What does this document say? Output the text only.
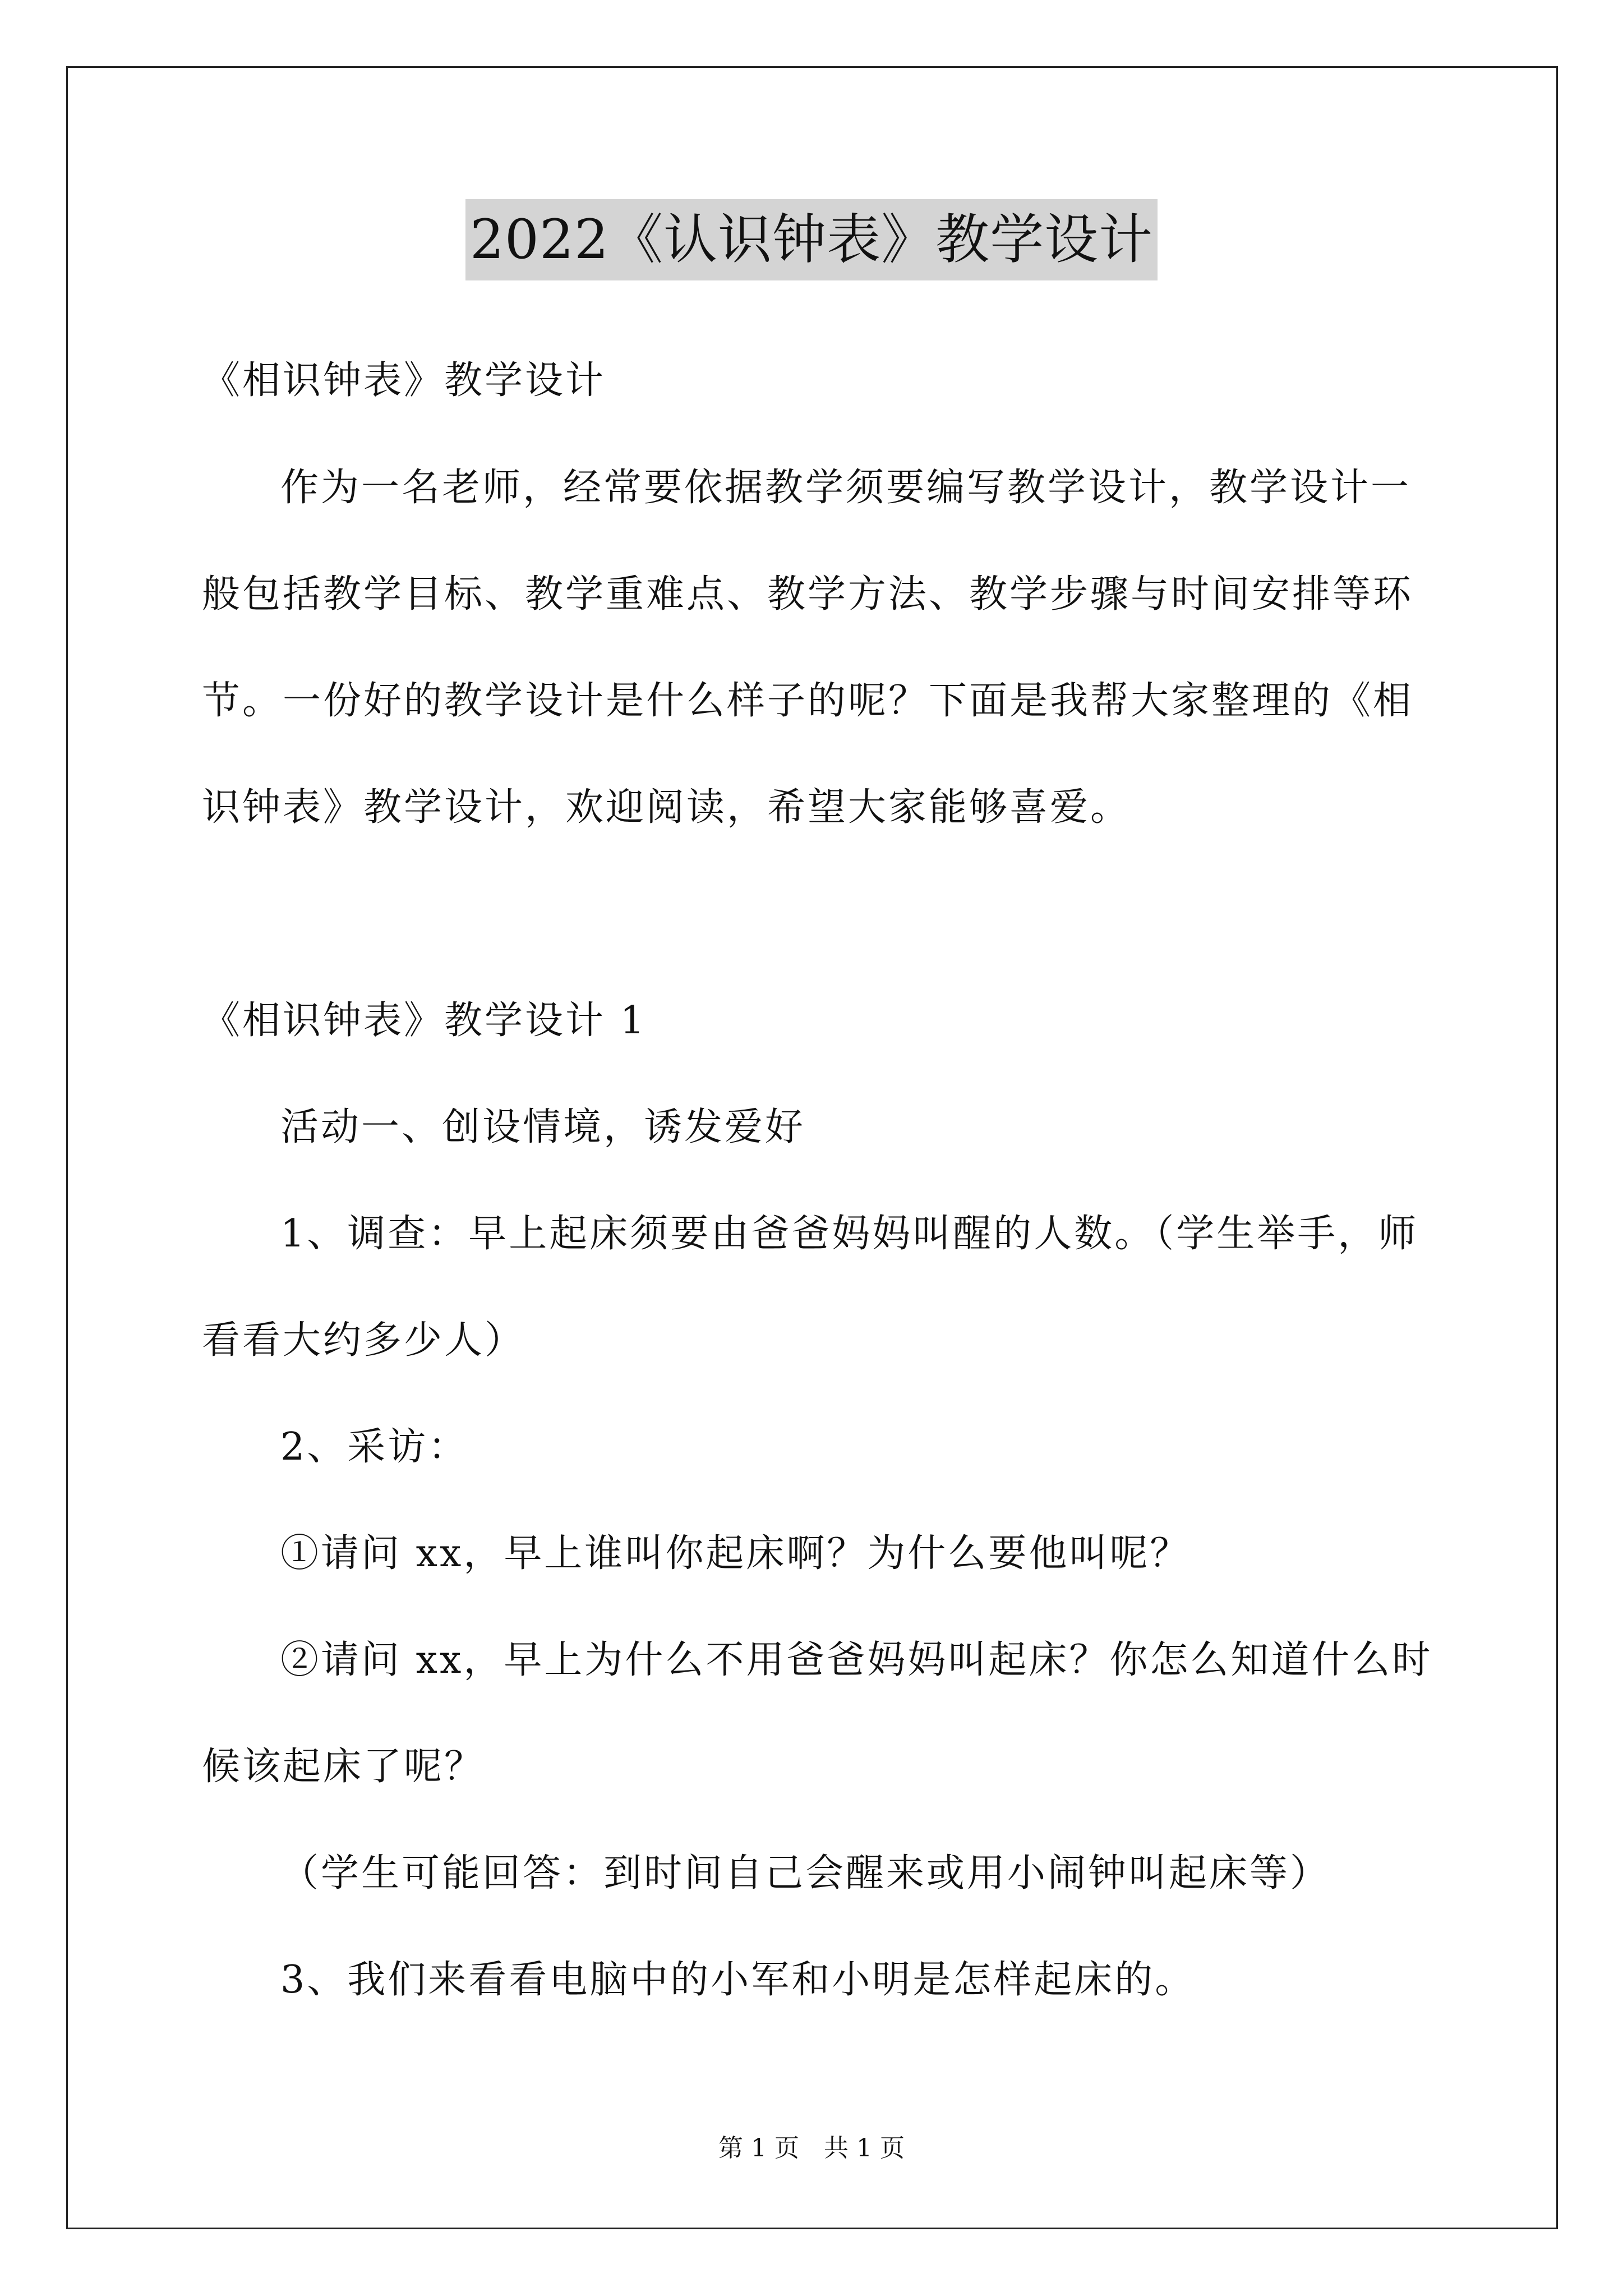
2022《认识钟表》教学设计
《相识钟表》教学设计
作为一名老师，经常要依据教学须要编写教学设计，教学设计一
般包括教学目标、教学重难点、教学方法、教学步骤与时间安排等环
节。一份好的教学设计是什么样子的呢？下面是我帮大家整理的《相
识钟表》教学设计，欢迎阅读，希望大家能够喜爱。
《相识钟表》教学设计 1
活动一、创设情境，诱发爱好
1、调查：早上起床须要由爸爸妈妈叫醒的人数。（学生举手，师
看看大约多少人）
2、采访：
①请问 xx，早上谁叫你起床啊？为什么要他叫呢？
②请问 xx，早上为什么不用爸爸妈妈叫起床？你怎么知道什么时
候该起床了呢？
（学生可能回答：到时间自己会醒来或用小闹钟叫起床等）
3、我们来看看电脑中的小军和小明是怎样起床的。
第 1 页　共 1 页
